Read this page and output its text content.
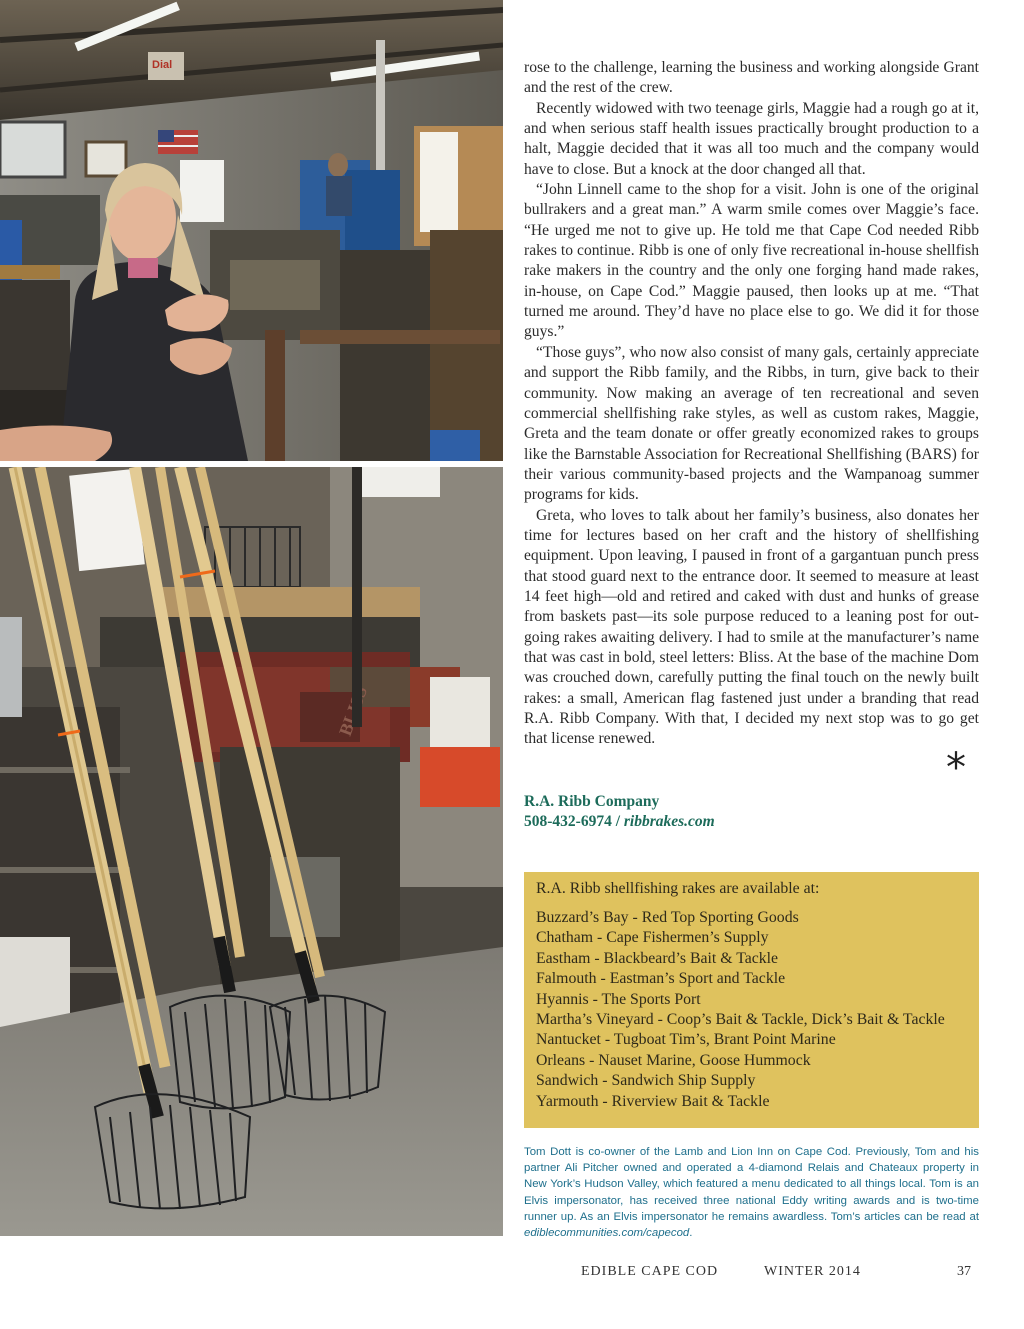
Dial	rose to the challenge, learning the business and working alongside Grant and the rest of the crew.

Recently widowed with two teenage girls, Maggie had a rough go at it, and when serious staff health issues practically brought production to a halt, Maggie decided that it was all too much and the company would have to close. But a knock at the door changed all that.

“John Linnell came to the shop for a visit. John is one of the original bullrakers and a great man.” A warm smile comes over Maggie’s face. “He urged me not to give up. He told me that Cape Cod needed Ribb rakes to continue. Ribb is one of only five recreational in-house shellfish rake makers in the country and the only one forging hand made rakes, in-house, on Cape Cod.” Maggie paused, then looks up at me. “That turned me around. They’d have no place else to go. We did it for those guys.”

“Those guys”, who now also consist of many gals, certainly appreciate and support the Ribb family, and the Ribbs, in turn, give back to their community. Now making an average of ten recreational and seven commercial shellfishing rake styles, as well as custom rakes, Maggie, Greta and the team donate or offer greatly economized rakes to groups like the Barnstable Association for Recreational Shellfishing (BARS) for their various community-based projects and the Wampanoag summer programs for kids.

Greta, who loves to talk about her family’s business, also donates her time for lectures based on her craft and the history of shellfishing equipment. Upon leaving, I paused in front of a gargantuan punch press that stood guard next to the entrance door. It seemed to measure at least 14 feet high—old and retired and caked with dust and hunks of grease from baskets past—its sole purpose reduced to a leaning post for out-going rakes awaiting delivery. I had to smile at the manufacturer’s name that was cast in bold, steel letters: Bliss. At the base of the machine Dom was crouched down, carefully putting the final touch on the newly built rakes: a small, American flag fastened just under a branding that read R.A. Ribb Company. With that, I decided my next stop was to go get that license renewed.

*
R.A. Ribb Company
508-432-6974 / ribbrakes.com
R.A. Ribb shellfishing rakes are available at:
Buzzard’s Bay - Red Top Sporting Goods
Chatham - Cape Fishermen’s Supply
Eastham - Blackbeard’s Bait & Tackle
Falmouth - Eastman’s Sport and Tackle
Hyannis - The Sports Port
Martha’s Vineyard - Coop’s Bait & Tackle, Dick’s Bait & Tackle
Nantucket - Tugboat Tim’s, Brant Point Marine
Orleans - Nauset Marine, Goose Hummock
Sandwich - Sandwich Ship Supply
Yarmouth - Riverview Bait & Tackle
Tom Dott is co-owner of the Lamb and Lion Inn on Cape Cod. Previously, Tom and his partner Ali Pitcher owned and operated a 4-diamond Relais and Chateaux property in New York’s Hudson Valley, which featured a menu dedicated to all things local. Tom is an Elvis impersonator, has received three national Eddy writing awards and is two-time runner up. As an Elvis impersonator he remains awardless. Tom’s articles can be read at ediblecommunities.com/capecod.
EDIBLE CAPE COD	WINTER 2014	37
